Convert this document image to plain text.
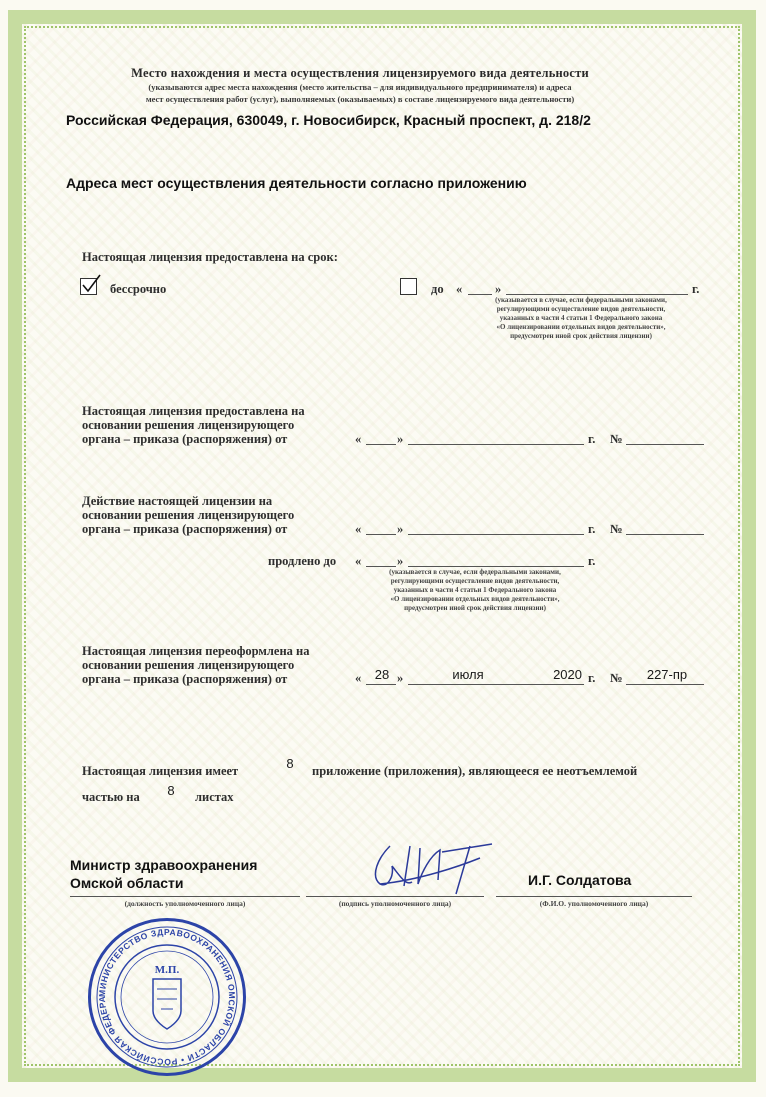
Место нахождения и места осуществления лицензируемого вида деятельности
(указываются адрес места нахождения (место жительства – для индивидуального предпринимателя) и адреса
мест осуществления работ (услуг), выполняемых (оказываемых) в составе лицензируемого вида деятельности)
Российская Федерация, 630049, г. Новосибирск, Красный проспект, д. 218/2
Адреса мест осуществления деятельности согласно приложению
Настоящая лицензия предоставлена на срок:
бессрочно	до «	»	г.
(указывается в случае, если федеральными законами,
регулирующими осуществление видов деятельности,
указанных в части 4 статьи 1 Федерального закона
«О лицензировании отдельных видов деятельности»,
предусмотрен иной срок действия лицензии)
Настоящая лицензия предоставлена на
основании решения лицензирующего
органа – приказа (распоряжения) от	«	»	г. №
Действие настоящей лицензии на
основании решения лицензирующего
органа – приказа (распоряжения) от	«	»	г. №
продлено до «	»	г.
(указывается в случае, если федеральными законами,
регулирующими осуществление видов деятельности,
указанных в части 4 статьи 1 Федерального закона
«О лицензировании отдельных видов деятельности»,
предусмотрен иной срок действия лицензии)
Настоящая лицензия переоформлена на
основании решения лицензирующего
органа – приказа (распоряжения) от	«	28 »	июля	2020 г. №	227-пр
Настоящая лицензия имеет	8	приложение (приложения), являющееся ее неотъемлемой
частью на	8	листах
Министр здравоохранения
Омской области	И.Г. Солдатова
(должность уполномоченного лица)	(подпись уполномоченного лица)	(Ф.И.О. уполномоченного лица)
МИНИСТЕРСТВО ЗДРАВООХРАНЕНИЯ ОМСКОЙ ОБЛАСТИ • РОССИЙСКАЯ ФЕДЕРА
М.П.
